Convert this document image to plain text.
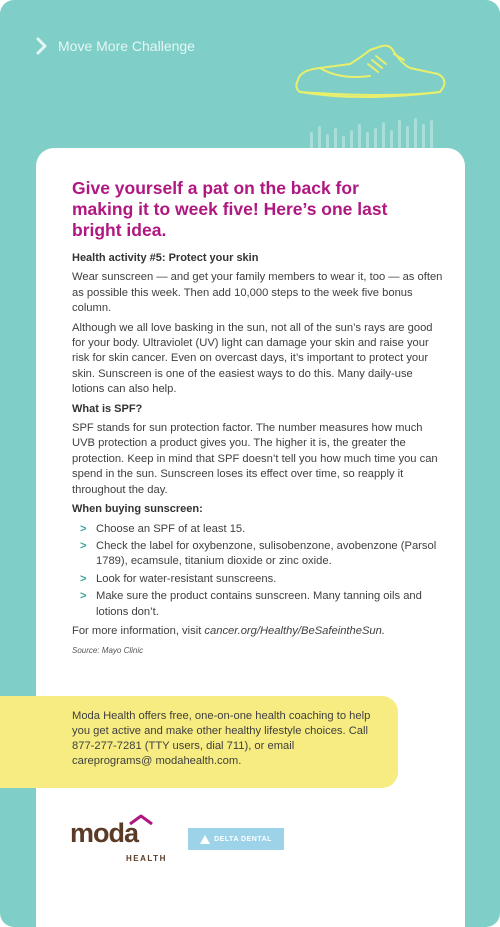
Move More Challenge
Give yourself a pat on the back for making it to week five! Here’s one last bright idea.
Health activity #5: Protect your skin

Wear sunscreen — and get your family members to wear it, too — as often as possible this week. Then add 10,000 steps to the week five bonus column.

Although we all love basking in the sun, not all of the sun’s rays are good for your body. Ultraviolet (UV) light can damage your skin and raise your risk for skin cancer. Even on overcast days, it’s important to protect your skin. Sunscreen is one of the easiest ways to do this. Many daily-use lotions can also help.

What is SPF?

SPF stands for sun protection factor. The number measures how much UVB protection a product gives you. The higher it is, the greater the protection. Keep in mind that SPF doesn’t tell you how much time you can spend in the sun. Sunscreen loses its effect over time, so reapply it throughout the day.

When buying sunscreen:
> Choose an SPF of at least 15.
> Check the label for oxybenzone, sulisobenzone, avobenzone (Parsol 1789), ecamsule, titanium dioxide or zinc oxide.
> Look for water-resistant sunscreens.
> Make sure the product contains sunscreen. Many tanning oils and lotions don’t.

For more information, visit cancer.org/Healthy/BeSafeintheSun.

Source: Mayo Clinic
Moda Health offers free, one-on-one health coaching to help you get active and make other healthy lifestyle choices. Call 877-277-7281 (TTY users, dial 711), or email careprograms@ modahealth.com.
moda
HEALTH
DELTA DENTAL
